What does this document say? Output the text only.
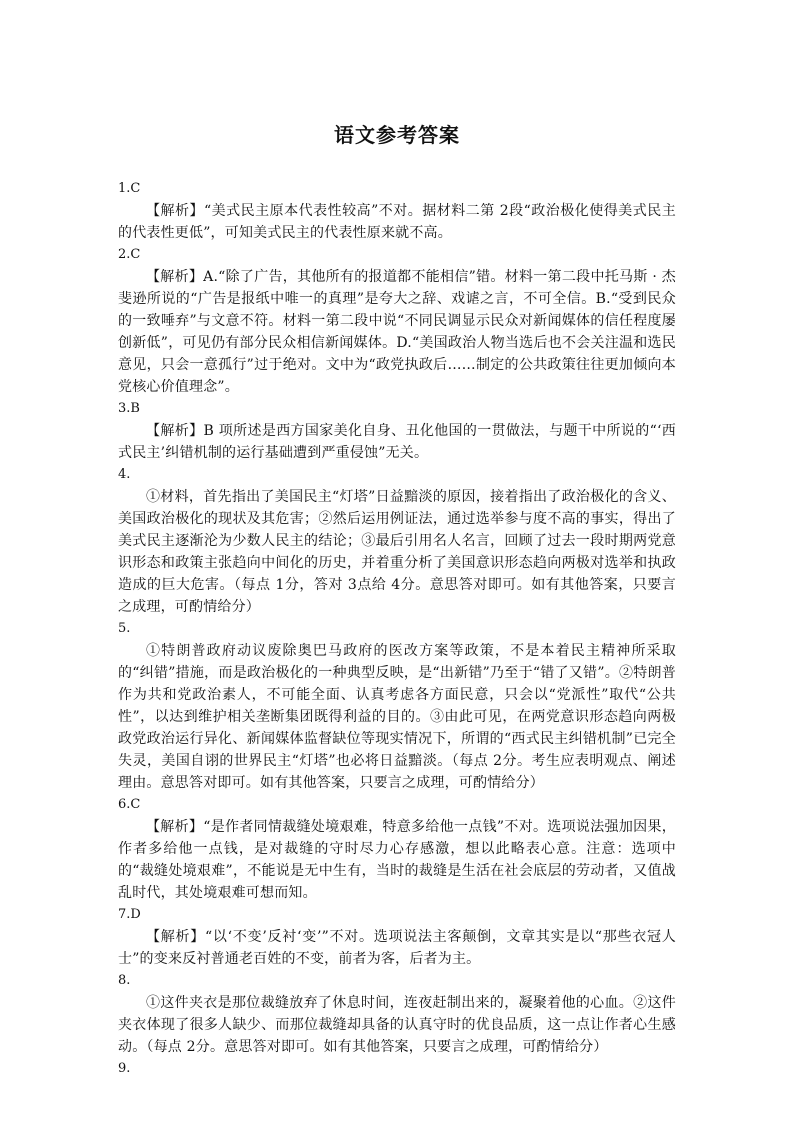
语文参考答案
1.C
【解析】“美式民主原本代表性较高”不对。据材料二第 2段“政治极化使得美式民主的代表性更低”，可知美式民主的代表性原来就不高。
2.C
【解析】A.“除了广告，其他所有的报道都不能相信”错。材料一第二段中托马斯 · 杰斐逊所说的“广告是报纸中唯一的真理”是夸大之辞、戏谑之言，不可全信。B.“受到民众的一致唾弃”与文意不符。材料一第二段中说“不同民调显示民众对新闻媒体的信任程度屡创新低”，可见仍有部分民众相信新闻媒体。D.“美国政治人物当选后也不会关注温和选民意见，只会一意孤行”过于绝对。文中为“政党执政后……制定的公共政策往往更加倾向本党核心价值理念”。
3.B
【解析】B 项所述是西方国家美化自身、丑化他国的一贯做法，与题干中所说的“‘西式民主’纠错机制的运行基础遭到严重侵蚀”无关。
4.
①材料，首先指出了美国民主“灯塔”日益黯淡的原因，接着指出了政治极化的含义、美国政治极化的现状及其危害；②然后运用例证法，通过选举参与度不高的事实，得出了美式民主逐渐沦为少数人民主的结论；③最后引用名人名言，回顾了过去一段时期两党意识形态和政策主张趋向中间化的历史，并着重分析了美国意识形态趋向两极对选举和执政造成的巨大危害。（每点 1分，答对 3点给 4分。意思答对即可。如有其他答案，只要言之成理，可酌情给分）
5.
①特朗普政府动议废除奥巴马政府的医改方案等政策，不是本着民主精神所采取的“纠错”措施，而是政治极化的一种典型反映，是“出新错”乃至于“错了又错”。②特朗普作为共和党政治素人，不可能全面、认真考虑各方面民意，只会以“党派性”取代“公共性”，以达到维护相关垄断集团既得利益的目的。③由此可见，在两党意识形态趋向两极政党政治运行异化、新闻媒体监督缺位等现实情况下，所谓的“西式民主纠错机制”已完全失灵，美国自诩的世界民主“灯塔”也必将日益黯淡。（每点 2分。考生应表明观点、阐述理由。意思答对即可。如有其他答案，只要言之成理，可酌情给分）
6.C
【解析】“是作者同情裁缝处境艰难，特意多给他一点钱”不对。选项说法强加因果，作者多给他一点钱，是对裁缝的守时尽力心存感激，想以此略表心意。注意：选项中的“裁缝处境艰难”，不能说是无中生有，当时的裁缝是生活在社会底层的劳动者，又值战乱时代，其处境艰难可想而知。
7.D
【解析】“以‘不变’反衬‘变’”不对。选项说法主客颠倒，文章其实是以“那些衣冠人士”的变来反衬普通老百姓的不变，前者为客，后者为主。
8.
①这件夹衣是那位裁缝放弃了休息时间，连夜赶制出来的，凝聚着他的心血。②这件夹衣体现了很多人缺少、而那位裁缝却具备的认真守时的优良品质，这一点让作者心生感动。（每点 2分。意思答对即可。如有其他答案，只要言之成理，可酌情给分）
9.
